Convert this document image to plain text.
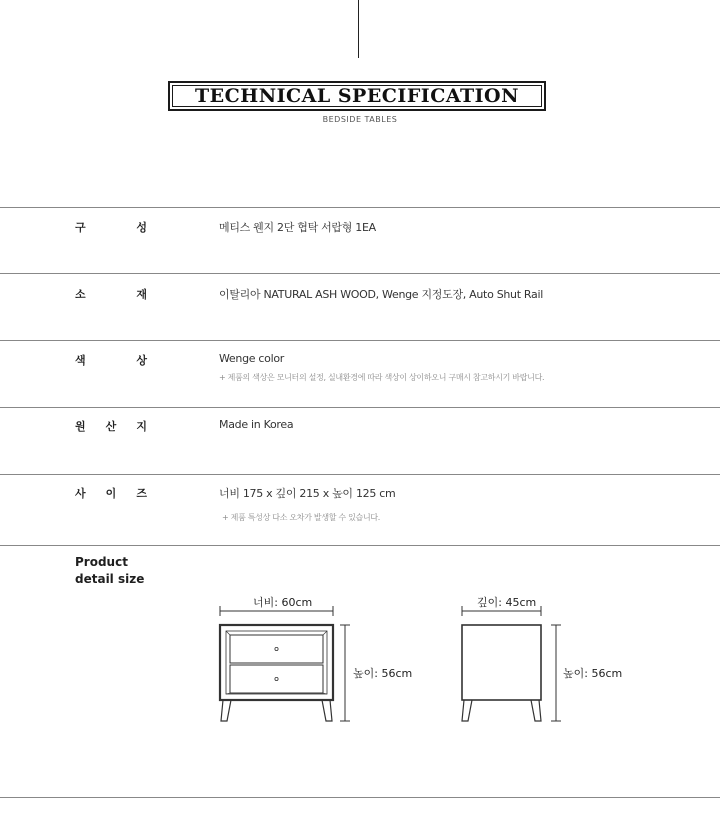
TECHNICAL SPECIFICATION
BEDSIDE TABLES
구	성	메티스 웬지 2단 협탁 서랍형 1EA
소	재	이탈리아 NATURAL ASH WOOD, Wenge 지정도장, Auto Shut Rail
색	상	Wenge color
+ 제품의 색상은 모니터의 설정, 실내환경에 따라 색상이 상이하오니 구매시 참고하시기 바랍니다.
원 산 지	Made in Korea
사 이 즈	너비 175 x 깊이 215 x 높이 125 cm
+ 제품 특성상 다소 오차가 발생할 수 있습니다.
Product
detail size
너비: 60cm
높이: 56cm
깊이: 45cm
높이: 56cm
